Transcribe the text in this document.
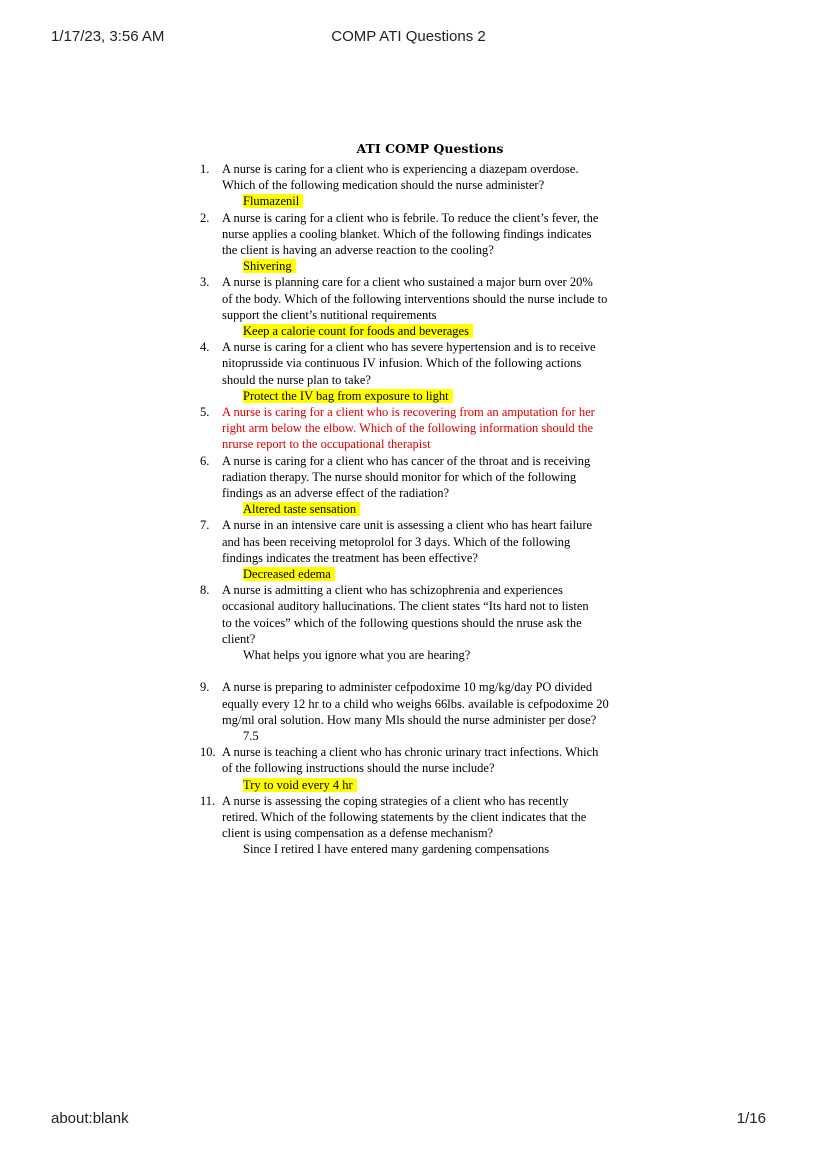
1/17/23, 3:56 AM	COMP ATI Questions 2
ATI COMP Questions
1.	A nurse is caring for a client who is experiencing a diazepam overdose.
Which of the following medication should the nurse administer?
Flumazenil
2.	A nurse is caring for a client who is febrile. To reduce the client’s fever, the
nurse applies a cooling blanket. Which of the following findings indicates
the client is having an adverse reaction to the cooling?
Shivering
3.	A nurse is planning care for a client who sustained a major burn over 20%
of the body. Which of the following interventions should the nurse include to
support the client’s nutitional requirements
Keep a calorie count for foods and beverages
4.	A nurse is caring for a client who has severe hypertension and is to receive
nitoprusside via continuous IV infusion. Which of the following actions
should the nurse plan to take?
Protect the IV bag from exposure to light
5.	A nurse is caring for a client who is recovering from an amputation for her
right arm below the elbow. Which of the following information should the
nrurse report to the occupational therapist
6.	A nurse is caring for a client who has cancer of the throat and is receiving
radiation therapy. The nurse should monitor for which of the following
findings as an adverse effect of the radiation?
Altered taste sensation
7.	A nurse in an intensive care unit is assessing a client who has heart failure
and has been receiving metoprolol for 3 days. Which of the following
findings indicates the treatment has been effective?
Decreased edema
8.	A nurse is admitting a client who has schizophrenia and experiences
occasional auditory hallucinations. The client states “Its hard not to listen
to the voices” which of the following questions should the nruse ask the
client?
What helps you ignore what you are hearing?
9.	A nurse is preparing to administer cefpodoxime 10 mg/kg/day PO divided
equally every 12 hr to a child who weighs 66lbs. available is cefpodoxime 20
mg/ml oral solution. How many Mls should the nurse administer per dose?
7.5
10. A nurse is teaching a client who has chronic urinary tract infections. Which
of the following instructions should the nurse include?
Try to void every 4 hr
11. A nurse is assessing the coping strategies of a client who has recently
retired. Which of the following statements by the client indicates that the
client is using compensation as a defense mechanism?
Since I retired I have entered many gardening compensations
about:blank	1/16
